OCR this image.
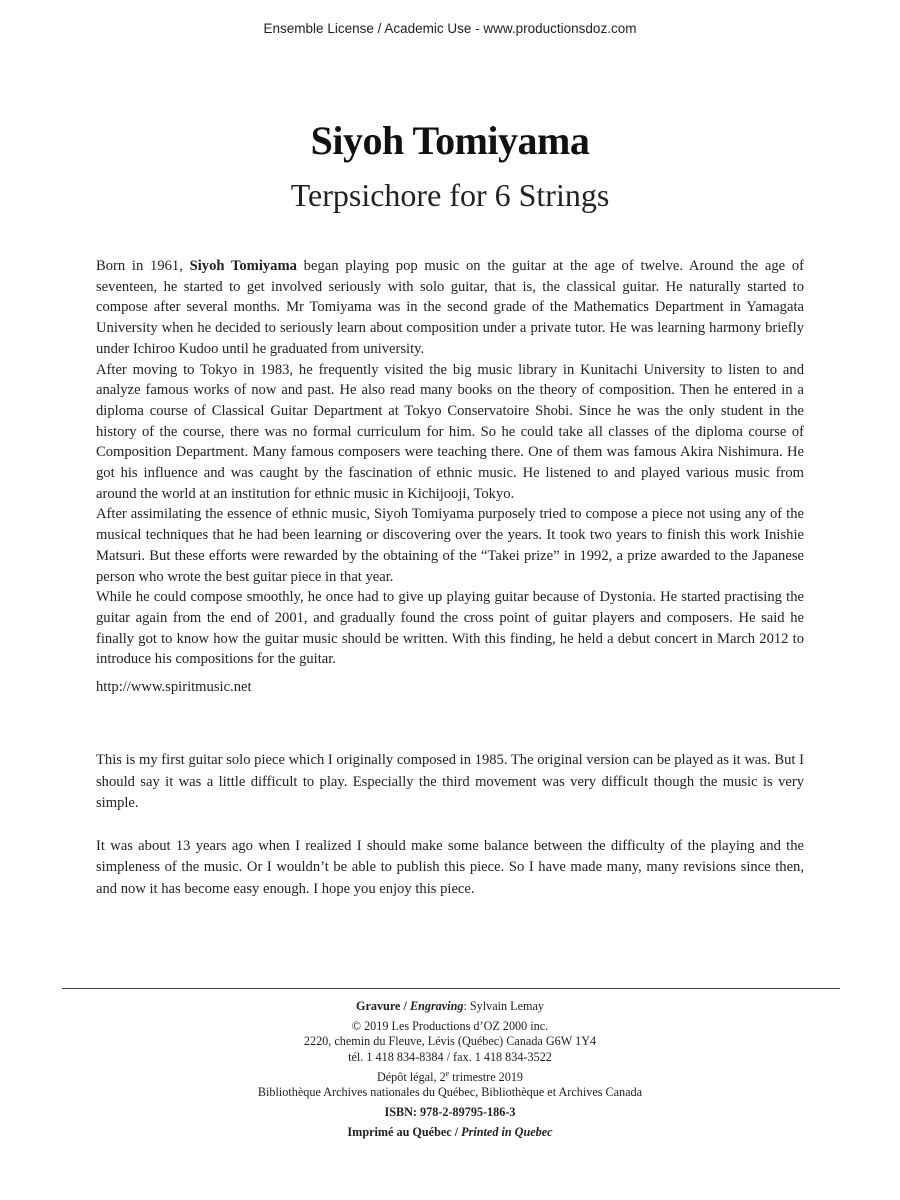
Ensemble License / Academic Use - www.productionsdoz.com
Siyoh Tomiyama
Terpsichore for 6 Strings

Born in 1961, Siyoh Tomiyama began playing pop music on the guitar at the age of twelve. Around the age of seventeen, he started to get involved seriously with solo guitar, that is, the classical guitar. He naturally started to compose after several months. Mr Tomiyama was in the second grade of the Mathematics Department in Yamagata University when he decided to seriously learn about composition under a private tutor. He was learning harmony briefly under Ichiroo Kudoo until he graduated from university.

After moving to Tokyo in 1983, he frequently visited the big music library in Kunitachi University to listen to and analyze famous works of now and past. He also read many books on the theory of composition. Then he entered in a diploma course of Classical Guitar Department at Tokyo Conservatoire Shobi. Since he was the only student in the history of the course, there was no formal curriculum for him. So he could take all classes of the diploma course of Composition Department. Many famous composers were teaching there. One of them was famous Akira Nishimura. He got his influence and was caught by the fascination of ethnic music. He listened to and played various music from around the world at an institution for ethnic music in Kichijooji, Tokyo.

After assimilating the essence of ethnic music, Siyoh Tomiyama purposely tried to compose a piece not using any of the musical techniques that he had been learning or discovering over the years. It took two years to finish this work Inishie Matsuri. But these efforts were rewarded by the obtaining of the “Takei prize” in 1992, a prize awarded to the Japanese person who wrote the best guitar piece in that year.

While he could compose smoothly, he once had to give up playing guitar because of Dystonia. He started practising the guitar again from the end of 2001, and gradually found the cross point of guitar players and composers. He said he finally got to know how the guitar music should be written. With this finding, he held a debut concert in March 2012 to introduce his compositions for the guitar.

http://www.spiritmusic.net

This is my first guitar solo piece which I originally composed in 1985. The original version can be played as it was. But I should say it was a little difficult to play. Especially the third movement was very difficult though the music is very simple.

It was about 13 years ago when I realized I should make some balance between the difficulty of the playing and the simpleness of the music. Or I wouldn’t be able to publish this piece. So I have made many, many revisions since then, and now it has become easy enough. I hope you enjoy this piece.

Gravure / Engraving: Sylvain Lemay
© 2019 Les Productions d’OZ 2000 inc.
2220, chemin du Fleuve, Lévis (Québec) Canada G6W 1Y4
tél. 1 418 834-8384 / fax. 1 418 834-3522
Dépôt légal, 2e trimestre 2019
Bibliothèque Archives nationales du Québec, Bibliothèque et Archives Canada
ISBN: 978-2-89795-186-3
Imprimé au Québec / Printed in Quebec
